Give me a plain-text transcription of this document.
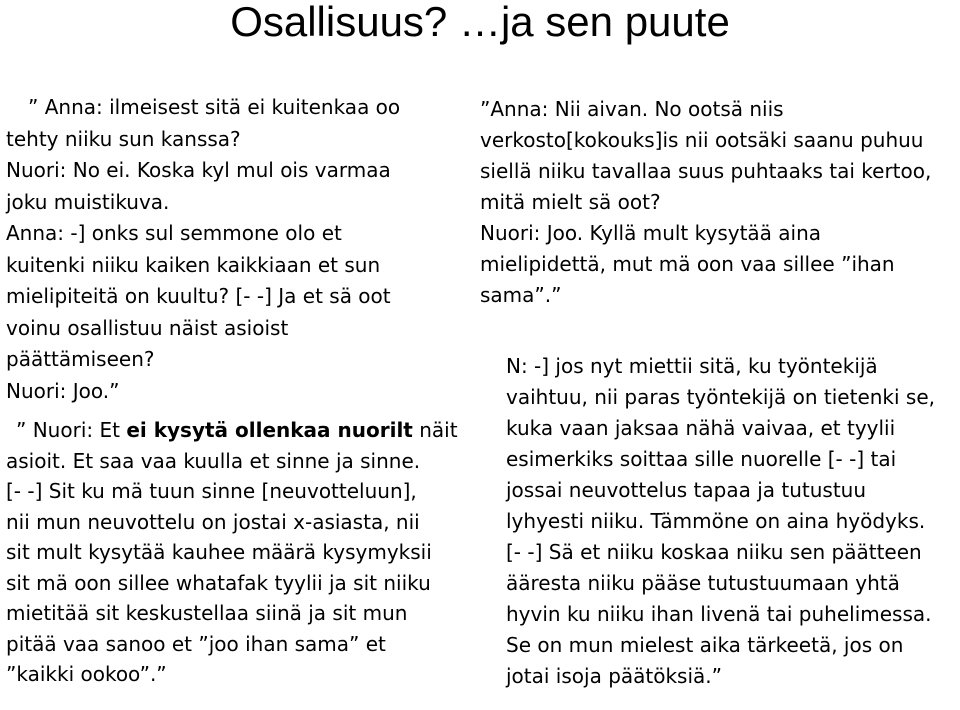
Osallisuus? …ja sen puute

” Anna: ilmeisest sitä ei kuitenkaa oo

tehty niiku sun kanssa?

Nuori: No ei. Koska kyl mul ois varmaa

joku muistikuva.

Anna: -] onks sul semmone olo et

kuitenki niiku kaiken kaikkiaan et sun

mielipiteitä on kuultu? [- -] Ja et sä oot

voinu osallistuu näist asioist

päättämiseen?

Nuori: Joo.”

” Nuori: Et ei kysytä ollenkaa nuorilt näit

asioit. Et saa vaa kuulla et sinne ja sinne.

[- -] Sit ku mä tuun sinne [neuvotteluun],

nii mun neuvottelu on jostai x-asiasta, nii

sit mult kysytää kauhee määrä kysymyksii

sit mä oon sillee whatafak tyylii ja sit niiku

mietitää sit keskustellaa siinä ja sit mun

pitää vaa sanoo et ”joo ihan sama” et

”kaikki ookoo”.”

”Anna: Nii aivan. No ootsä niis

verkosto[kokouks]is nii ootsäki saanu puhuu

siellä niiku tavallaa suus puhtaaks tai kertoo,

mitä mielt sä oot?

Nuori: Joo. Kyllä mult kysytää aina

mielipidettä, mut mä oon vaa sillee ”ihan

sama”.”

N: -] jos nyt miettii sitä, ku työntekijä

vaihtuu, nii paras työntekijä on tietenki se,

kuka vaan jaksaa nähä vaivaa, et tyylii

esimerkiks soittaa sille nuorelle [- -] tai

jossai neuvottelus tapaa ja tutustuu

lyhyesti niiku. Tämmöne on aina hyödyks.

[- -] Sä et niiku koskaa niiku sen päätteen

ääresta niiku pääse tutustuumaan yhtä

hyvin ku niiku ihan livenä tai puhelimessa.

Se on mun mielest aika tärkeetä, jos on

jotai isoja päätöksiä.”
